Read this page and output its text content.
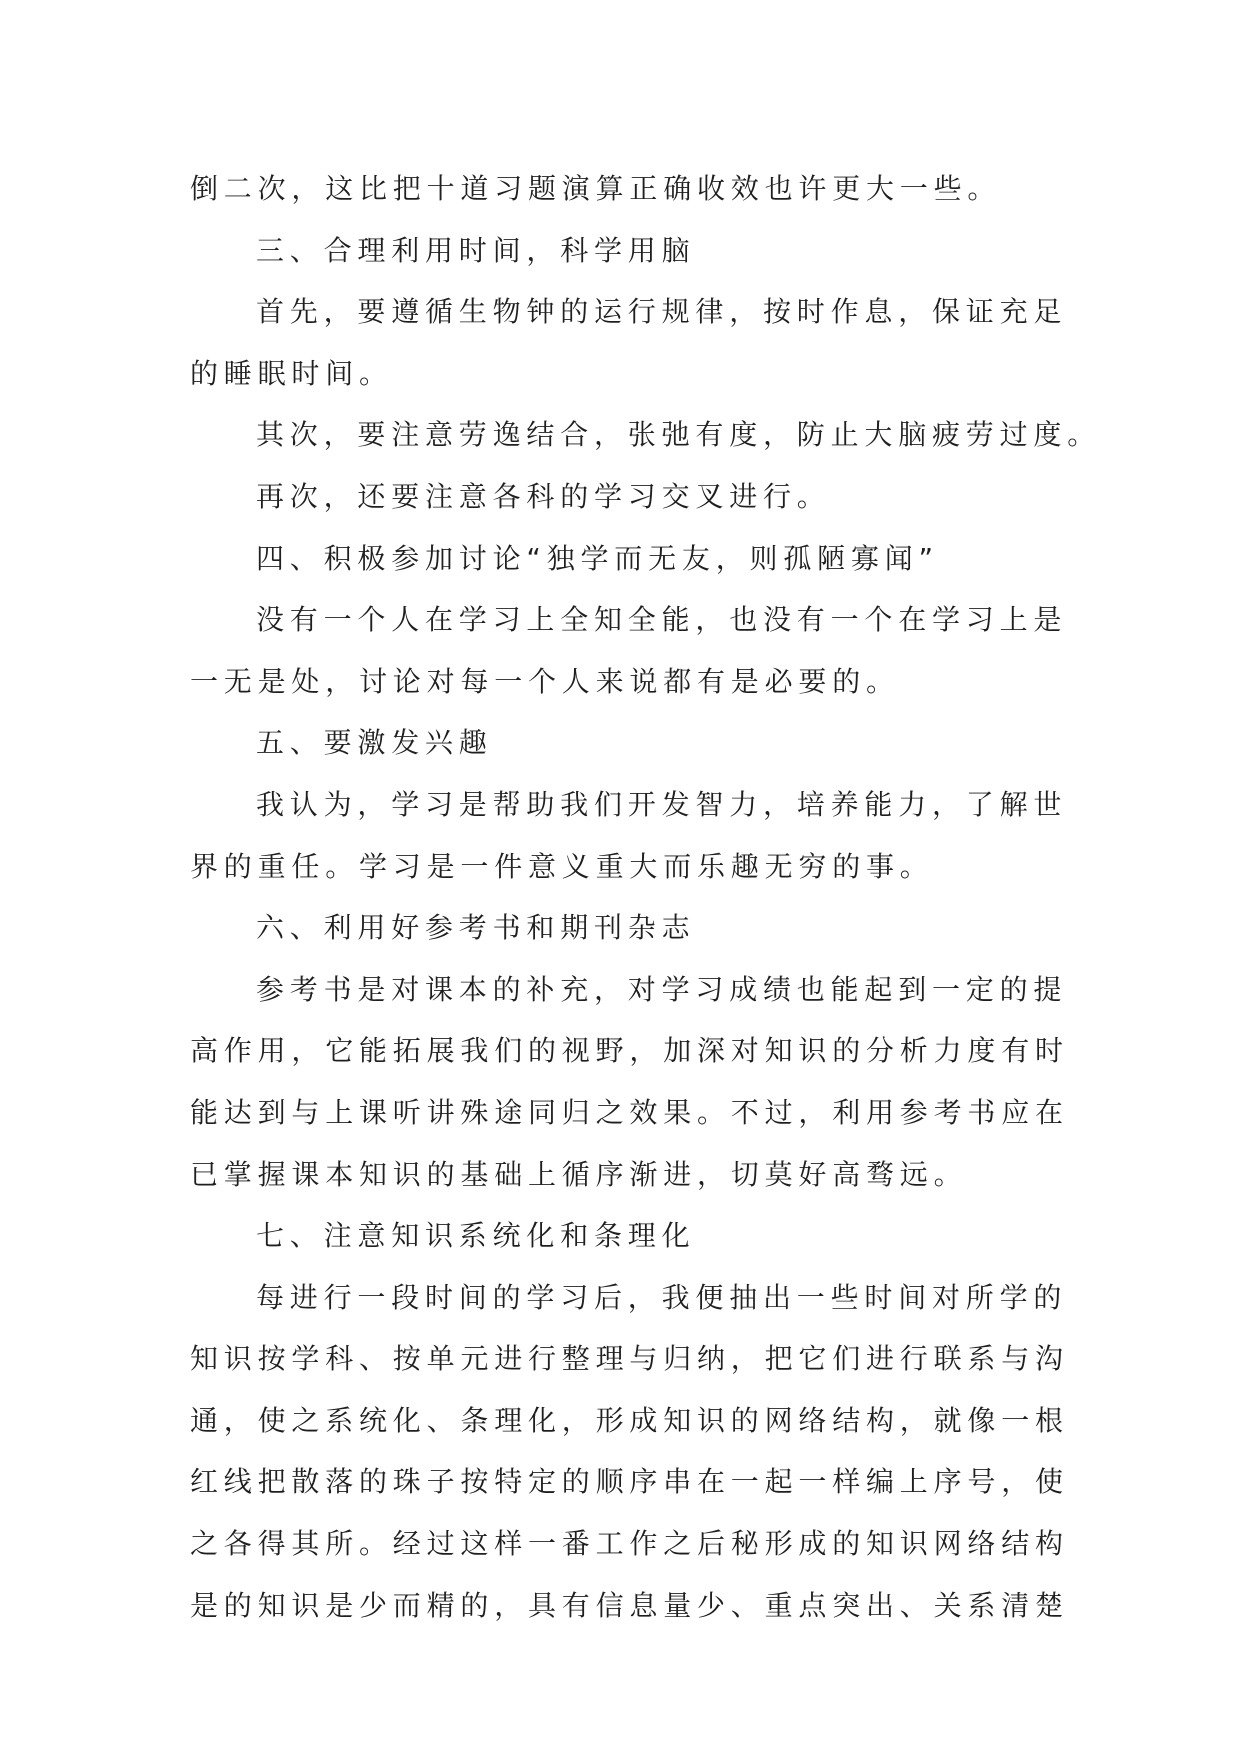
倒二次，这比把十道习题演算正确收效也许更大一些。
三、合理利用时间，科学用脑
首先，要遵循生物钟的运行规律，按时作息，保证充足
的睡眠时间。
其次，要注意劳逸结合，张弛有度，防止大脑疲劳过度。
再次，还要注意各科的学习交叉进行。
四、积极参加讨论“独学而无友，则孤陋寡闻”
没有一个人在学习上全知全能，也没有一个在学习上是
一无是处，讨论对每一个人来说都有是必要的。
五、要激发兴趣
我认为，学习是帮助我们开发智力，培养能力，了解世
界的重任。学习是一件意义重大而乐趣无穷的事。
六、利用好参考书和期刊杂志
参考书是对课本的补充，对学习成绩也能起到一定的提
高作用，它能拓展我们的视野，加深对知识的分析力度有时
能达到与上课听讲殊途同归之效果。不过，利用参考书应在
已掌握课本知识的基础上循序渐进，切莫好高骛远。
七、注意知识系统化和条理化
每进行一段时间的学习后，我便抽出一些时间对所学的
知识按学科、按单元进行整理与归纳，把它们进行联系与沟
通，使之系统化、条理化，形成知识的网络结构，就像一根
红线把散落的珠子按特定的顺序串在一起一样编上序号，使
之各得其所。经过这样一番工作之后秘形成的知识网络结构
是的知识是少而精的，具有信息量少、重点突出、关系清楚
